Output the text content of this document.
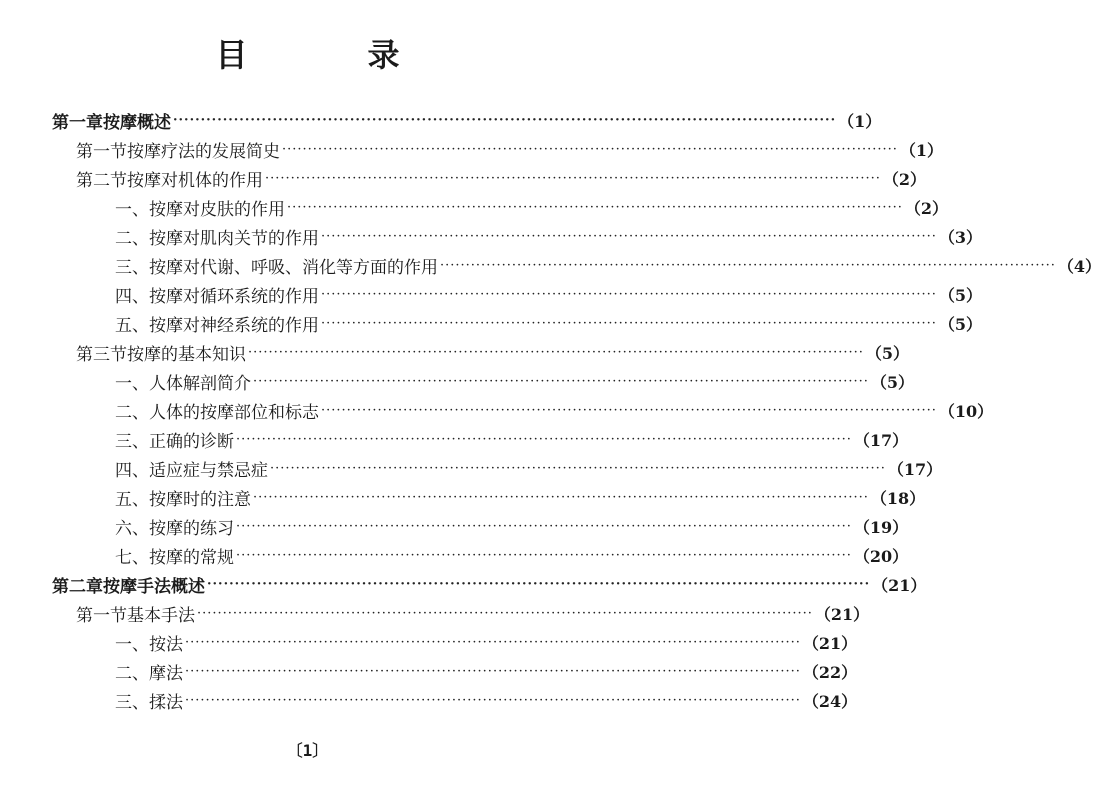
目　录
第一章 按摩概述 ························································································································ （1）
第一节 按摩疗法的发展简史 ························································································································ （1）
第二节 按摩对机体的作用 ························································································································ （2）
一、 按摩对皮肤的作用 ························································································································ （2）
二、 按摩对肌肉关节的作用 ························································································································ （3）
三、 按摩对代谢、呼吸、消化等方面的作用 ························································································································ （4）
四、 按摩对循环系统的作用 ························································································································ （5）
五、 按摩对神经系统的作用 ························································································································ （5）
第三节 按摩的基本知识 ························································································································ （5）
一、 人体解剖简介 ························································································································ （5）
二、 人体的按摩部位和标志 ························································································································ （10）
三、 正确的诊断 ························································································································ （17）
四、 适应症与禁忌症 ························································································································ （17）
五、 按摩时的注意 ························································································································ （18）
六、 按摩的练习 ························································································································ （19）
七、 按摩的常规 ························································································································ （20）
第二章 按摩手法概述 ························································································································ （21）
第一节 基本手法 ························································································································ （21）
一、 按法 ························································································································ （21）
二、 摩法 ························································································································ （22）
三、 揉法 ························································································································ （24）
〔1〕
